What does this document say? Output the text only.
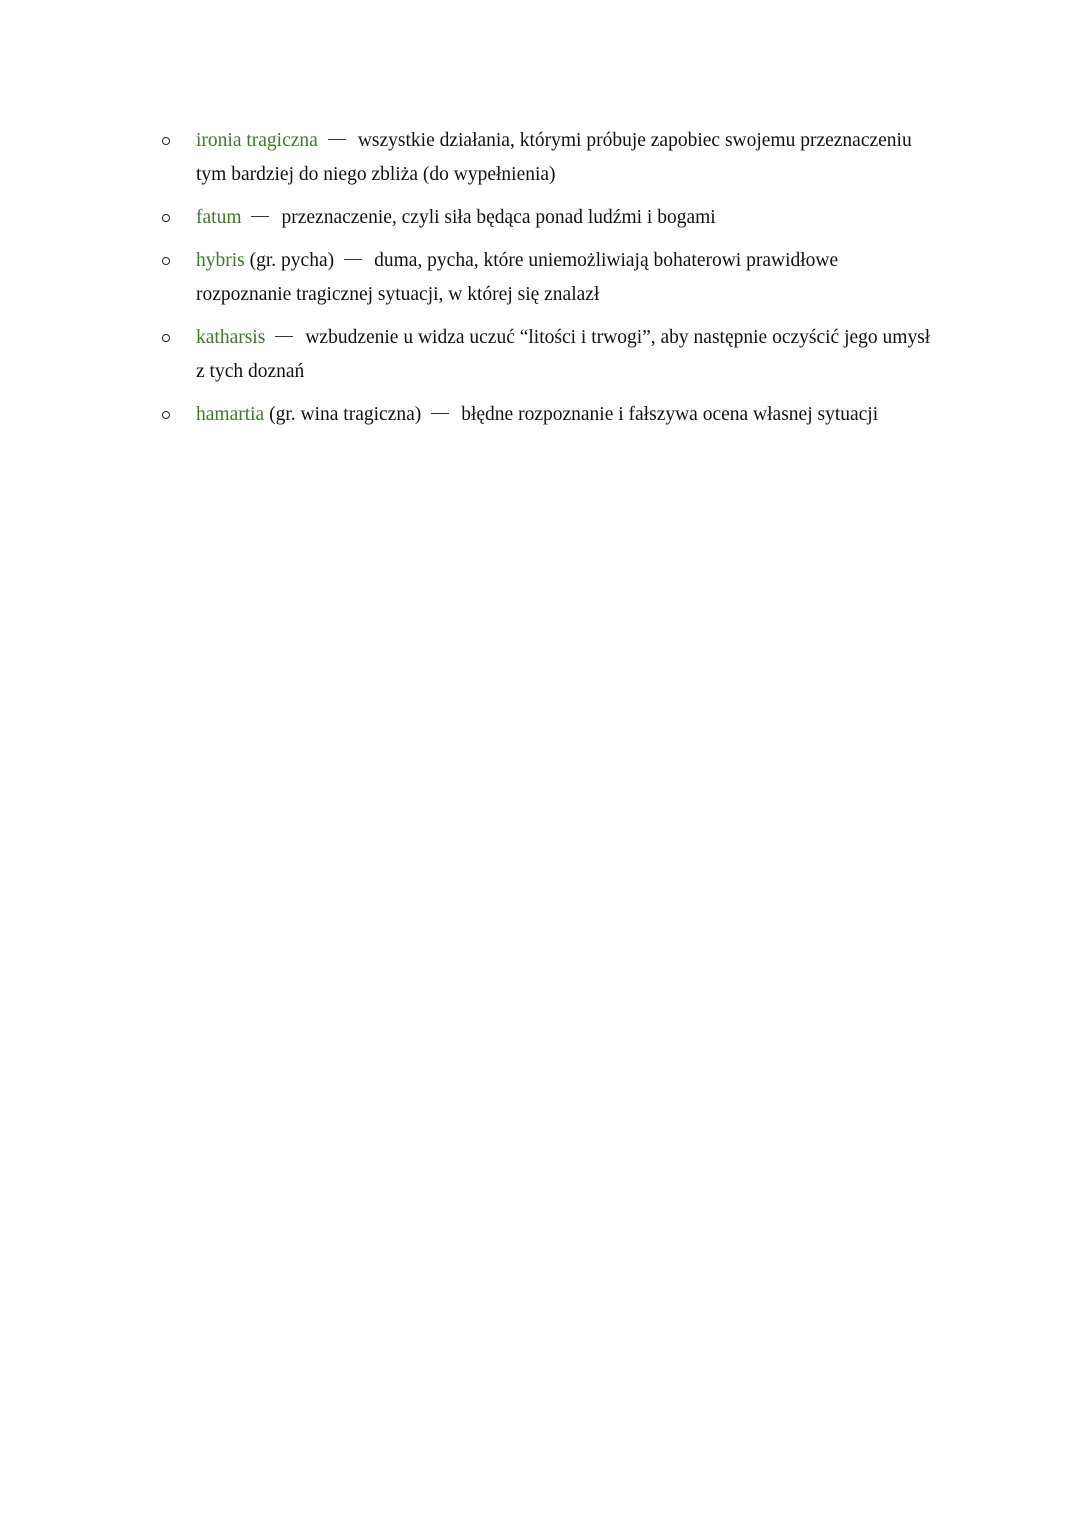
ironia tragiczna wszystkie działania, którymi próbuje zapobiec swojemu przeznaczeniu
tym bardziej do niego zbliża (do wypełnienia)
fatum przeznaczenie, czyli siła będąca ponad ludźmi i bogami
hybris (gr. pycha) duma, pycha, które uniemożliwiają bohaterowi prawidłowe
rozpoznanie tragicznej sytuacji, w której się znalazł
katharsis wzbudzenie u widza uczuć “litości i trwogi”, aby następnie oczyścić jego umysł
z tych doznań
hamartia (gr. wina tragiczna) błędne rozpoznanie i fałszywa ocena własnej sytuacji
